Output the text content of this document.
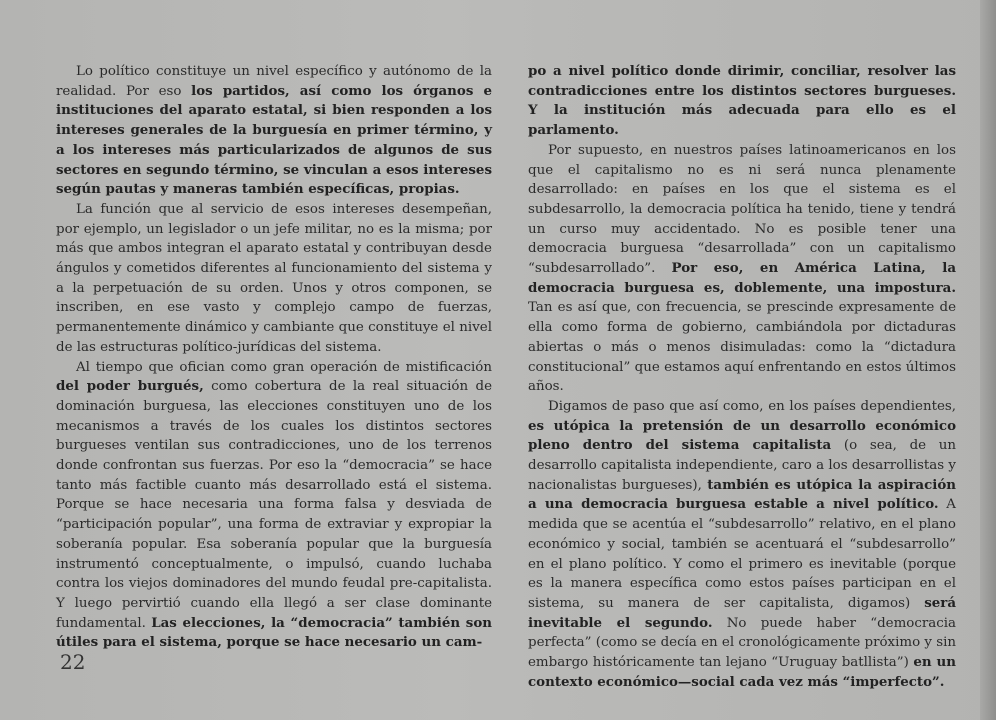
Lo político constituye un nivel específico y autónomo de la realidad. Por eso los partidos, así como los órganos e instituciones del aparato estatal, si bien responden a los intereses generales de la burguesía en primer término, y a los intereses más particularizados de algunos de sus sectores en segundo término, se vinculan a esos intereses según pautas y maneras también específicas, propias.

La función que al servicio de esos intereses desempeñan, por ejemplo, un legislador o un jefe militar, no es la misma; por más que ambos integran el aparato estatal y contribuyan desde ángulos y cometidos diferentes al funcionamiento del sistema y a la perpetuación de su orden. Unos y otros componen, se inscriben, en ese vasto y complejo campo de fuerzas, permanentemente dinámico y cambiante que constituye el nivel de las estructuras político-jurídicas del sistema.

Al tiempo que ofician como gran operación de mistificación del poder burgués, como cobertura de la real situación de dominación burguesa, las elecciones constituyen uno de los mecanismos a través de los cuales los distintos sectores burgueses ventilan sus contradicciones, uno de los terrenos donde confrontan sus fuerzas. Por eso la “democracia” se hace tanto más factible cuanto más desarrollado está el sistema. Porque se hace necesaria una forma falsa y desviada de “participación popular”, una forma de extraviar y expropiar la soberanía popular. Esa soberanía popular que la burguesía instrumentó conceptualmente, o impulsó, cuando luchaba contra los viejos dominadores del mundo feudal pre-capitalista. Y luego pervirtió cuando ella llegó a ser clase dominante fundamental. Las elecciones, la “democracia” también son útiles para el sistema, porque se hace necesario un cam-

po a nivel político donde dirimir, conciliar, resolver las contradicciones entre los distintos sectores burgueses. Y la institución más adecuada para ello es el parlamento.

Por supuesto, en nuestros países latinoamericanos en los que el capitalismo no es ni será nunca plenamente desarrollado: en países en los que el sistema es el subdesarrollo, la democracia política ha tenido, tiene y tendrá un curso muy accidentado. No es posible tener una democracia burguesa “desarrollada” con un capitalismo “subdesarrollado”. Por eso, en América Latina, la democracia burguesa es, doblemente, una impostura. Tan es así que, con frecuencia, se prescinde expresamente de ella como forma de gobierno, cambiándola por dictaduras abiertas o más o menos disimuladas: como la “dictadura constitucional” que estamos aquí enfrentando en estos últimos años.

Digamos de paso que así como, en los países dependientes, es utópica la pretensión de un desarrollo económico pleno dentro del sistema capitalista (o sea, de un desarrollo capitalista independiente, caro a los desarrollistas y nacionalistas burgueses), también es utópica la aspiración a una democracia burguesa estable a nivel político. A medida que se acentúa el “subdesarrollo” relativo, en el plano económico y social, también se acentuará el “subdesarrollo” en el plano político. Y como el primero es inevitable (porque es la manera específica como estos países participan en el sistema, su manera de ser capitalista, digamos) será inevitable el segundo. No puede haber “democracia perfecta” (como se decía en el cronológicamente próximo y sin embargo históricamente tan lejano “Uruguay batllista”) en un contexto económico—social cada vez más “imperfecto”.

22
